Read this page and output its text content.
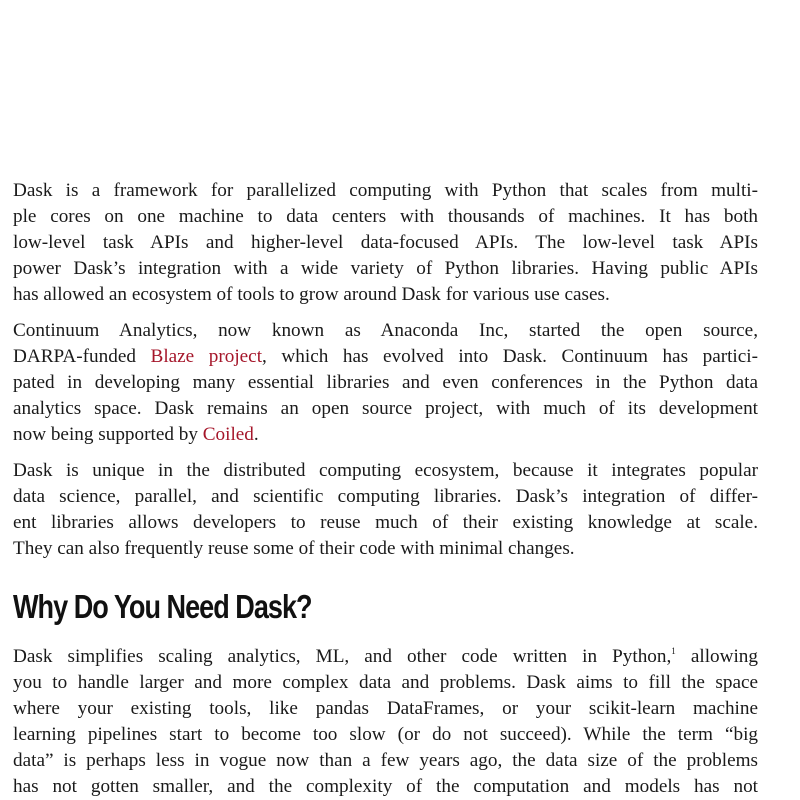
Dask is a framework for parallelized computing with Python that scales from multi-
ple cores on one machine to data centers with thousands of machines. It has both
low-level task APIs and higher-level data-focused APIs. The low-level task APIs
power Dask’s integration with a wide variety of Python libraries. Having public APIs
has allowed an ecosystem of tools to grow around Dask for various use cases.

Continuum Analytics, now known as Anaconda Inc, started the open source,
DARPA-funded Blaze project, which has evolved into Dask. Continuum has partici-
pated in developing many essential libraries and even conferences in the Python data
analytics space. Dask remains an open source project, with much of its development
now being supported by Coiled.

Dask is unique in the distributed computing ecosystem, because it integrates popular
data science, parallel, and scientific computing libraries. Dask’s integration of differ-
ent libraries allows developers to reuse much of their existing knowledge at scale.
They can also frequently reuse some of their code with minimal changes.

Why Do You Need Dask?

Dask simplifies scaling analytics, ML, and other code written in Python,$^1$ allowing
you to handle larger and more complex data and problems. Dask aims to fill the space
where your existing tools, like pandas DataFrames, or your scikit-learn machine
learning pipelines start to become too slow (or do not succeed). While the term “big
data” is perhaps less in vogue now than a few years ago, the data size of the problems
has not gotten smaller, and the complexity of the computation and models has not
